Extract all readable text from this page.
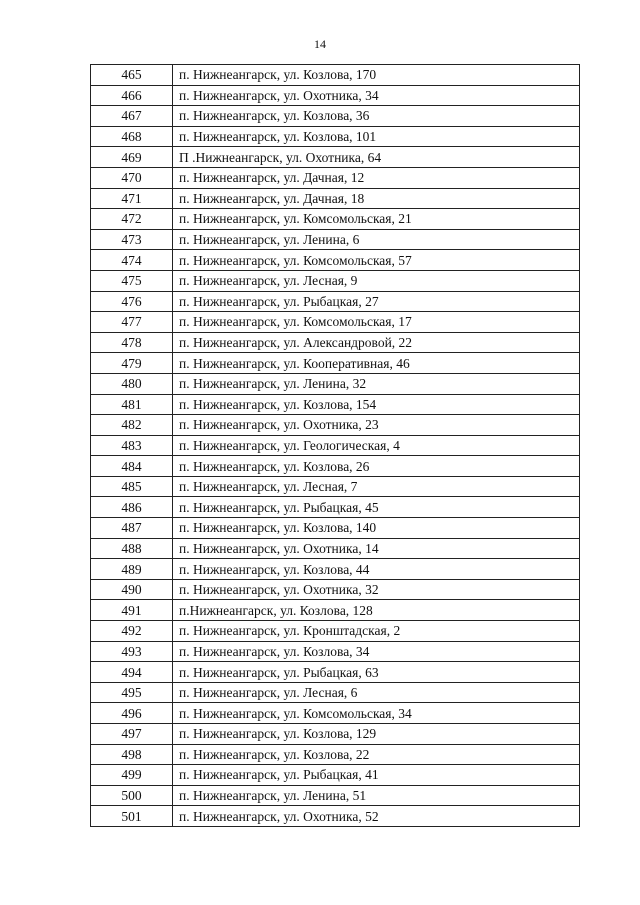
14
465	п. Нижнеангарск, ул. Козлова, 170
466	п. Нижнеангарск, ул. Охотника, 34
467	п. Нижнеангарск, ул. Козлова, 36
468	п. Нижнеангарск, ул. Козлова, 101
469	П .Нижнеангарск, ул. Охотника, 64
470	п. Нижнеангарск, ул. Дачная, 12
471	п. Нижнеангарск, ул. Дачная, 18
472	п. Нижнеангарск, ул. Комсомольская, 21
473	п. Нижнеангарск, ул. Ленина, 6
474	п. Нижнеангарск, ул. Комсомольская, 57
475	п. Нижнеангарск, ул. Лесная, 9
476	п. Нижнеангарск, ул. Рыбацкая, 27
477	п. Нижнеангарск, ул. Комсомольская, 17
478	п. Нижнеангарск, ул. Александровой, 22
479	п. Нижнеангарск, ул. Кооперативная, 46
480	п. Нижнеангарск, ул. Ленина, 32
481	п. Нижнеангарск, ул. Козлова, 154
482	п. Нижнеангарск, ул. Охотника, 23
483	п. Нижнеангарск, ул. Геологическая, 4
484	п. Нижнеангарск, ул. Козлова, 26
485	п. Нижнеангарск, ул. Лесная, 7
486	п. Нижнеангарск, ул. Рыбацкая, 45
487	п. Нижнеангарск, ул. Козлова, 140
488	п. Нижнеангарск, ул. Охотника, 14
489	п. Нижнеангарск, ул. Козлова, 44
490	п. Нижнеангарск, ул. Охотника, 32
491	п.Нижнеангарск, ул. Козлова, 128
492	п. Нижнеангарск, ул. Кронштадская, 2
493	п. Нижнеангарск, ул. Козлова, 34
494	п. Нижнеангарск, ул. Рыбацкая, 63
495	п. Нижнеангарск, ул. Лесная, 6
496	п. Нижнеангарск, ул. Комсомольская, 34
497	п. Нижнеангарск, ул. Козлова, 129
498	п. Нижнеангарск, ул. Козлова, 22
499	п. Нижнеангарск, ул. Рыбацкая, 41
500	п. Нижнеангарск, ул. Ленина, 51
501	п. Нижнеангарск, ул. Охотника, 52
